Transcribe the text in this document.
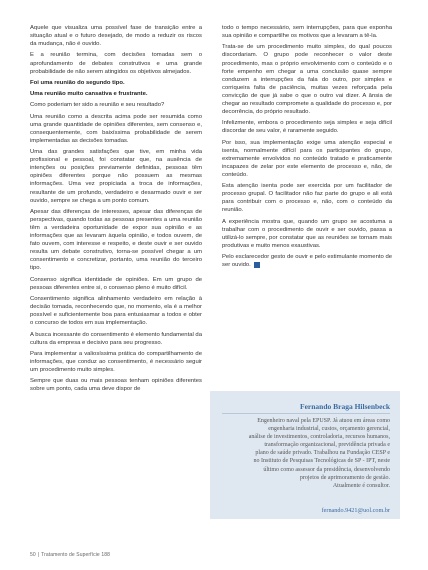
Aquele que visualiza uma possível fase de transição entre a situação atual e o futuro desejado, de modo a reduzir os riscos da mudança, não é ouvido.

E a reunião termina, com decisões tomadas sem o aprofundamento de debates construtivos e uma grande probabilidade de não serem atingidos os objetivos almejados.

Foi uma reunião do segundo tipo.

Uma reunião muito cansativa e frustrante.

Como poderiam ter sido a reunião e seu resultado?

Uma reunião como a descrita acima pode ser resumida como uma grande quantidade de opiniões diferentes, sem consenso e, consequentemente, com baixíssima probabilidade de serem implementadas as decisões tomadas.

Uma das grandes satisfações que tive, em minha vida profissional e pessoal, foi constatar que, na ausência de intenções ou posições previamente definidas, pessoas têm opiniões diferentes porque não possuem as mesmas informações. Uma vez propiciada a troca de informações, resultante de um profundo, verdadeiro e desarmado ouvir e ser ouvido, sempre se chega a um ponto comum.

Apesar das diferenças de interesses, apesar das diferenças de perspectivas, quando todas as pessoas presentes a uma reunião têm a verdadeira oportunidade de expor sua opinião e as informações que as levaram àquela opinião, e todos ouvem, de fato ouvem, com interesse e respeito, e deste ouvir e ser ouvido resulta um debate construtivo, torna-se possível chegar a um consentimento e concretizar, portanto, uma reunião do terceiro tipo.

Consenso significa identidade de opiniões. Em um grupo de pessoas diferentes entre si, o consenso pleno é muito difícil.

Consentimento significa alinhamento verdadeiro em relação à decisão tomada, reconhecendo que, no momento, ela é a melhor possível e suficientemente boa para entusiasmar a todos e obter o concurso de todos em sua implementação.

A busca incessante do consentimento é elemento fundamental da cultura da empresa e decisivo para seu progresso.

Para implementar a valiosíssima prática do compartilhamento de informações, que conduz ao consentimento, é necessário seguir um procedimento muito simples.

Sempre que duas ou mais pessoas tenham opiniões diferentes sobre um ponto, cada uma deve dispor de

todo o tempo necessário, sem interrupções, para que exponha sua opinião e compartilhe os motivos que a levaram a tê-la.

Trata-se de um procedimento muito simples, do qual poucos discordariam. O grupo pode reconhecer o valor deste procedimento, mas o próprio envolvimento com o conteúdo e o forte empenho em chegar a uma conclusão quase sempre conduzem a interrupções da fala do outro, por simples e corriqueira falta de paciência, muitas vezes reforçada pela convicção de que já sabe o que o outro vai dizer. A ânsia de chegar ao resultado compromete a qualidade do processo e, por decorrência, do próprio resultado.

Infelizmente, embora o procedimento seja simples e seja difícil discordar de seu valor, é raramente seguido.

Por isso, sua implementação exige uma atenção especial e isenta, normalmente difícil para os participantes do grupo, extremamente envolvidos no conteúdo tratado e praticamente incapazes de zelar por este elemento de processo e, não, de conteúdo.

Esta atenção isenta pode ser exercida por um facilitador de processo grupal. O facilitador não faz parte do grupo e ali está para contribuir com o processo e, não, com o conteúdo da reunião.

A experiência mostra que, quando um grupo se acostuma a trabalhar com o procedimento de ouvir e ser ouvido, passa a utilizá-lo sempre, por constatar que as reuniões se tornam mais produtivas e muito menos exaustivas.

Pelo esclarecedor gesto de ouvir e pelo estimulante momento de ser ouvido.

Fernando Braga Hilsenbeck
Engenheiro naval pela EPUSP. Já atuou em áreas como
engenharia industrial, custos, orçamento gerencial,
análise de investimentos, controladoria, recursos humanos,
transformação organizacional, previdência privada e
plano de saúde privado. Trabalhou na Fundação CESP e
no Instituto de Pesquisas Tecnológicas de SP - IPT, neste
último como assessor da presidência, desenvolvendo
projetos de aprimoramento de gestão.
Atualmente é consultor.
fernando.9421@uol.com.br
50 | Tratamento de Superfície 188
